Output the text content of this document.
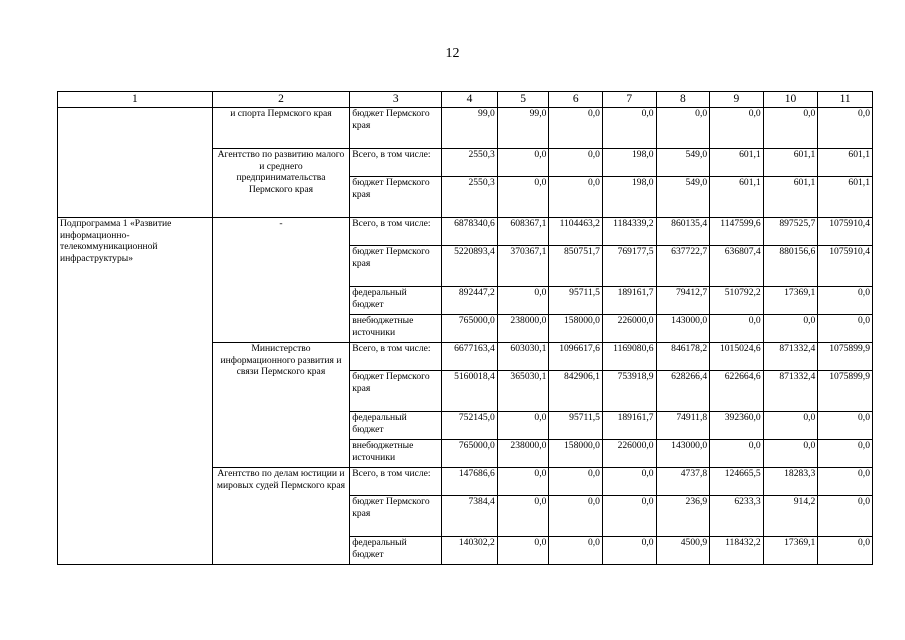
12
1	2	3	4	5	6	7	8	9	10	11
	и спорта Пермского края	бюджет Пермского края	99,0	99,0	0,0	0,0	0,0	0,0	0,0	0,0
	Агентство по развитию малого и среднего предпринимательства Пермского края	Всего, в том числе:	2550,3	0,0	0,0	198,0	549,0	601,1	601,1	601,1
		бюджет Пермского края	2550,3	0,0	0,0	198,0	549,0	601,1	601,1	601,1
Подпрограмма 1 «Развитие информационно-телекоммуникационной инфраструктуры»	-	Всего, в том числе:	6878340,6	608367,1	1104463,2	1184339,2	860135,4	1147599,6	897525,7	1075910,4
		бюджет Пермского края	5220893,4	370367,1	850751,7	769177,5	637722,7	636807,4	880156,6	1075910,4
		федеральный бюджет	892447,2	0,0	95711,5	189161,7	79412,7	510792,2	17369,1	0,0
		внебюджетные источники	765000,0	238000,0	158000,0	226000,0	143000,0	0,0	0,0	0,0
	Министерство информационного развития и связи Пермского края	Всего, в том числе:	6677163,4	603030,1	1096617,6	1169080,6	846178,2	1015024,6	871332,4	1075899,9
		бюджет Пермского края	5160018,4	365030,1	842906,1	753918,9	628266,4	622664,6	871332,4	1075899,9
		федеральный бюджет	752145,0	0,0	95711,5	189161,7	74911,8	392360,0	0,0	0,0
		внебюджетные источники	765000,0	238000,0	158000,0	226000,0	143000,0	0,0	0,0	0,0
	Агентство по делам юстиции и мировых судей Пермского края	Всего, в том числе:	147686,6	0,0	0,0	0,0	4737,8	124665,5	18283,3	0,0
		бюджет Пермского края	7384,4	0,0	0,0	0,0	236,9	6233,3	914,2	0,0
		федеральный бюджет	140302,2	0,0	0,0	0,0	4500,9	118432,2	17369,1	0,0
